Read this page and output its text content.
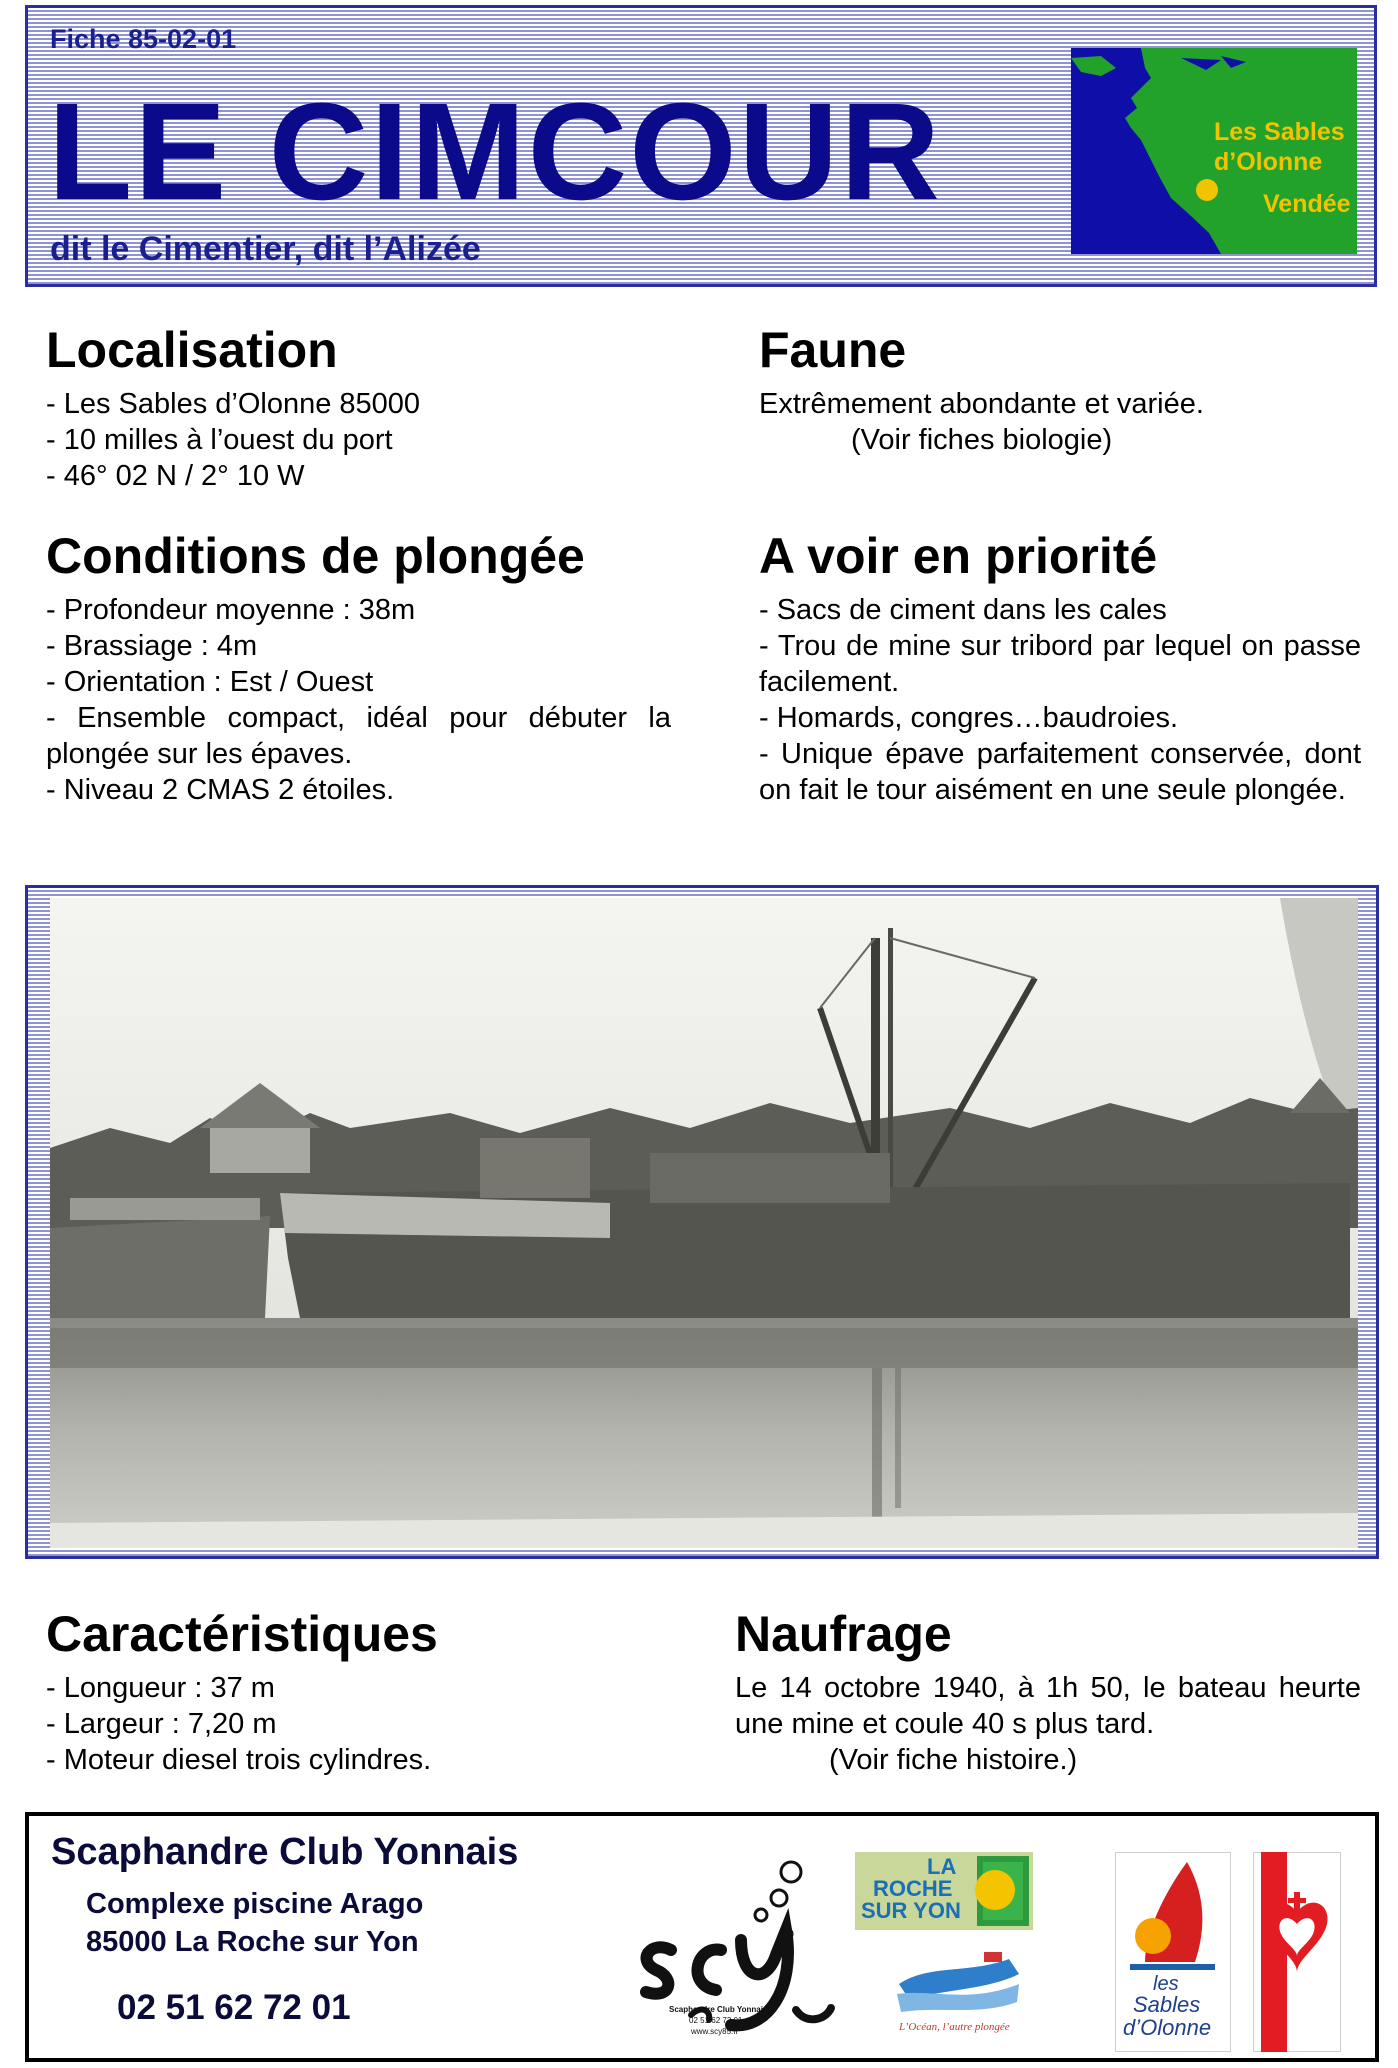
Fiche 85-02-01
LE CIMCOUR
dit le Cimentier, dit l’Alizée
Les Sables
d’Olonne
Vendée
Localisation
- Les Sables d’Olonne 85000
- 10 milles à l’ouest du port
- 46° 02 N / 2° 10 W
Faune
Extrêmement abondante et variée.
(Voir fiches biologie)
Conditions de plongée
- Profondeur moyenne : 38m
- Brassiage : 4m
- Orientation : Est / Ouest
- Ensemble compact, idéal pour débuter la plongée sur les épaves.
- Niveau 2 CMAS 2 étoiles.
A voir en priorité
- Sacs de ciment dans les cales
- Trou de mine sur tribord par lequel on passe facilement.
- Homards, congres…baudroies.
- Unique épave parfaitement conservée, dont on fait le tour aisément en une seule plongée.
Caractéristiques
- Longueur : 37 m
- Largeur : 7,20 m
- Moteur diesel trois cylindres.
Naufrage
Le 14 octobre 1940, à 1h 50, le bateau heurte une mine et coule 40 s plus tard.
(Voir fiche histoire.)
Scaphandre Club Yonnais
Complexe piscine Arago
85000 La Roche sur Yon
02 51 62 72 01	Scaphandre Club Yonnais
02 51 62 72 01
www.scy85.fr
LA
ROCHE
SUR YON
L’Océan, l’autre plongée
les
Sables
d’Olonne
